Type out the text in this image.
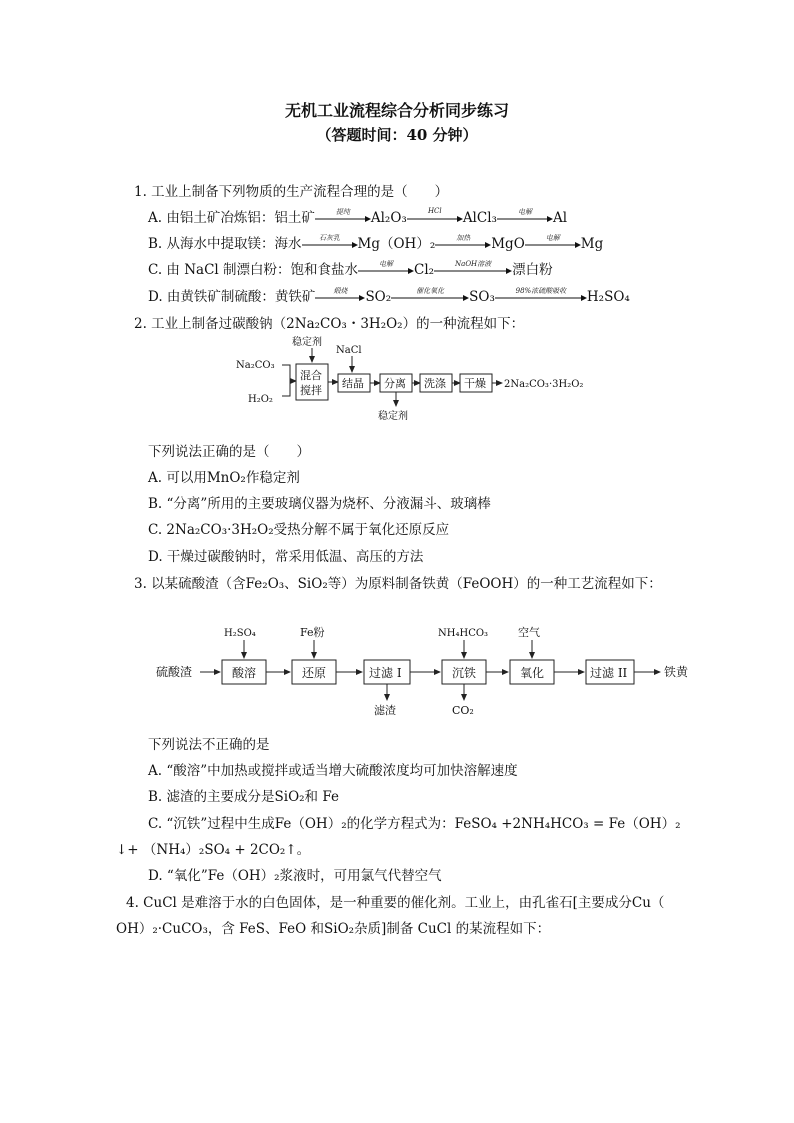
无机工业流程综合分析同步练习
（答题时间：40 分钟）
1. 工业上制备下列物质的生产流程合理的是（　　）
A. 由铝土矿冶炼铝：铝土矿	提纯	Al₂O₃	HCl	AlCl₃	电解	Al
B. 从海水中提取镁：海水	石灰乳	Mg（OH）₂	加热	MgO	电解	Mg
C. 由 NaCl 制漂白粉：饱和食盐水	电解	Cl₂	NaOH溶液	漂白粉
D. 由黄铁矿制硫酸：黄铁矿	煅烧	SO₂	催化氧化	SO₃	98%浓硫酸吸收	H₂SO₄
2. 工业上制备过碳酸钠（2Na₂CO₃・3H₂O₂）的一种流程如下：
Na₂CO₃
H₂O₂
稳定剂
混合
搅拌
NaCl
结晶 分离
稳定剂
洗涤 干燥 2Na₂CO₃·3H₂O₂
下列说法正确的是（　　）
A. 可以用MnO₂作稳定剂
B. “分离”所用的主要玻璃仪器为烧杯、分液漏斗、玻璃棒
C. 2Na₂CO₃·3H₂O₂受热分解不属于氧化还原反应
D. 干燥过碳酸钠时，常采用低温、高压的方法
3. 以某硫酸渣（含Fe₂O₃、SiO₂等）为原料制备铁黄（FeOOH）的一种工艺流程如下：
硫酸渣
H₂SO₄
酸溶
Fe粉
还原	过滤 I
滤渣
NH₄HCO₃
沉铁
CO₂
空气
氧化	过滤 II	铁黄
下列说法不正确的是
A. “酸溶”中加热或搅拌或适当增大硫酸浓度均可加快溶解速度
B. 滤渣的主要成分是SiO₂和 Fe
C. “沉铁”过程中生成Fe（OH）₂的化学方程式为：FeSO₄ +2NH₄HCO₃ = Fe（OH）₂
↓+ （NH₄）₂SO₄ + 2CO₂↑。
D. “氧化”Fe（OH）₂浆液时，可用氯气代替空气
4. CuCl 是难溶于水的白色固体，是一种重要的催化剂。工业上，由孔雀石[主要成分Cu（
OH）₂·CuCO₃，含 FeS、FeO 和SiO₂杂质]制备 CuCl 的某流程如下：
